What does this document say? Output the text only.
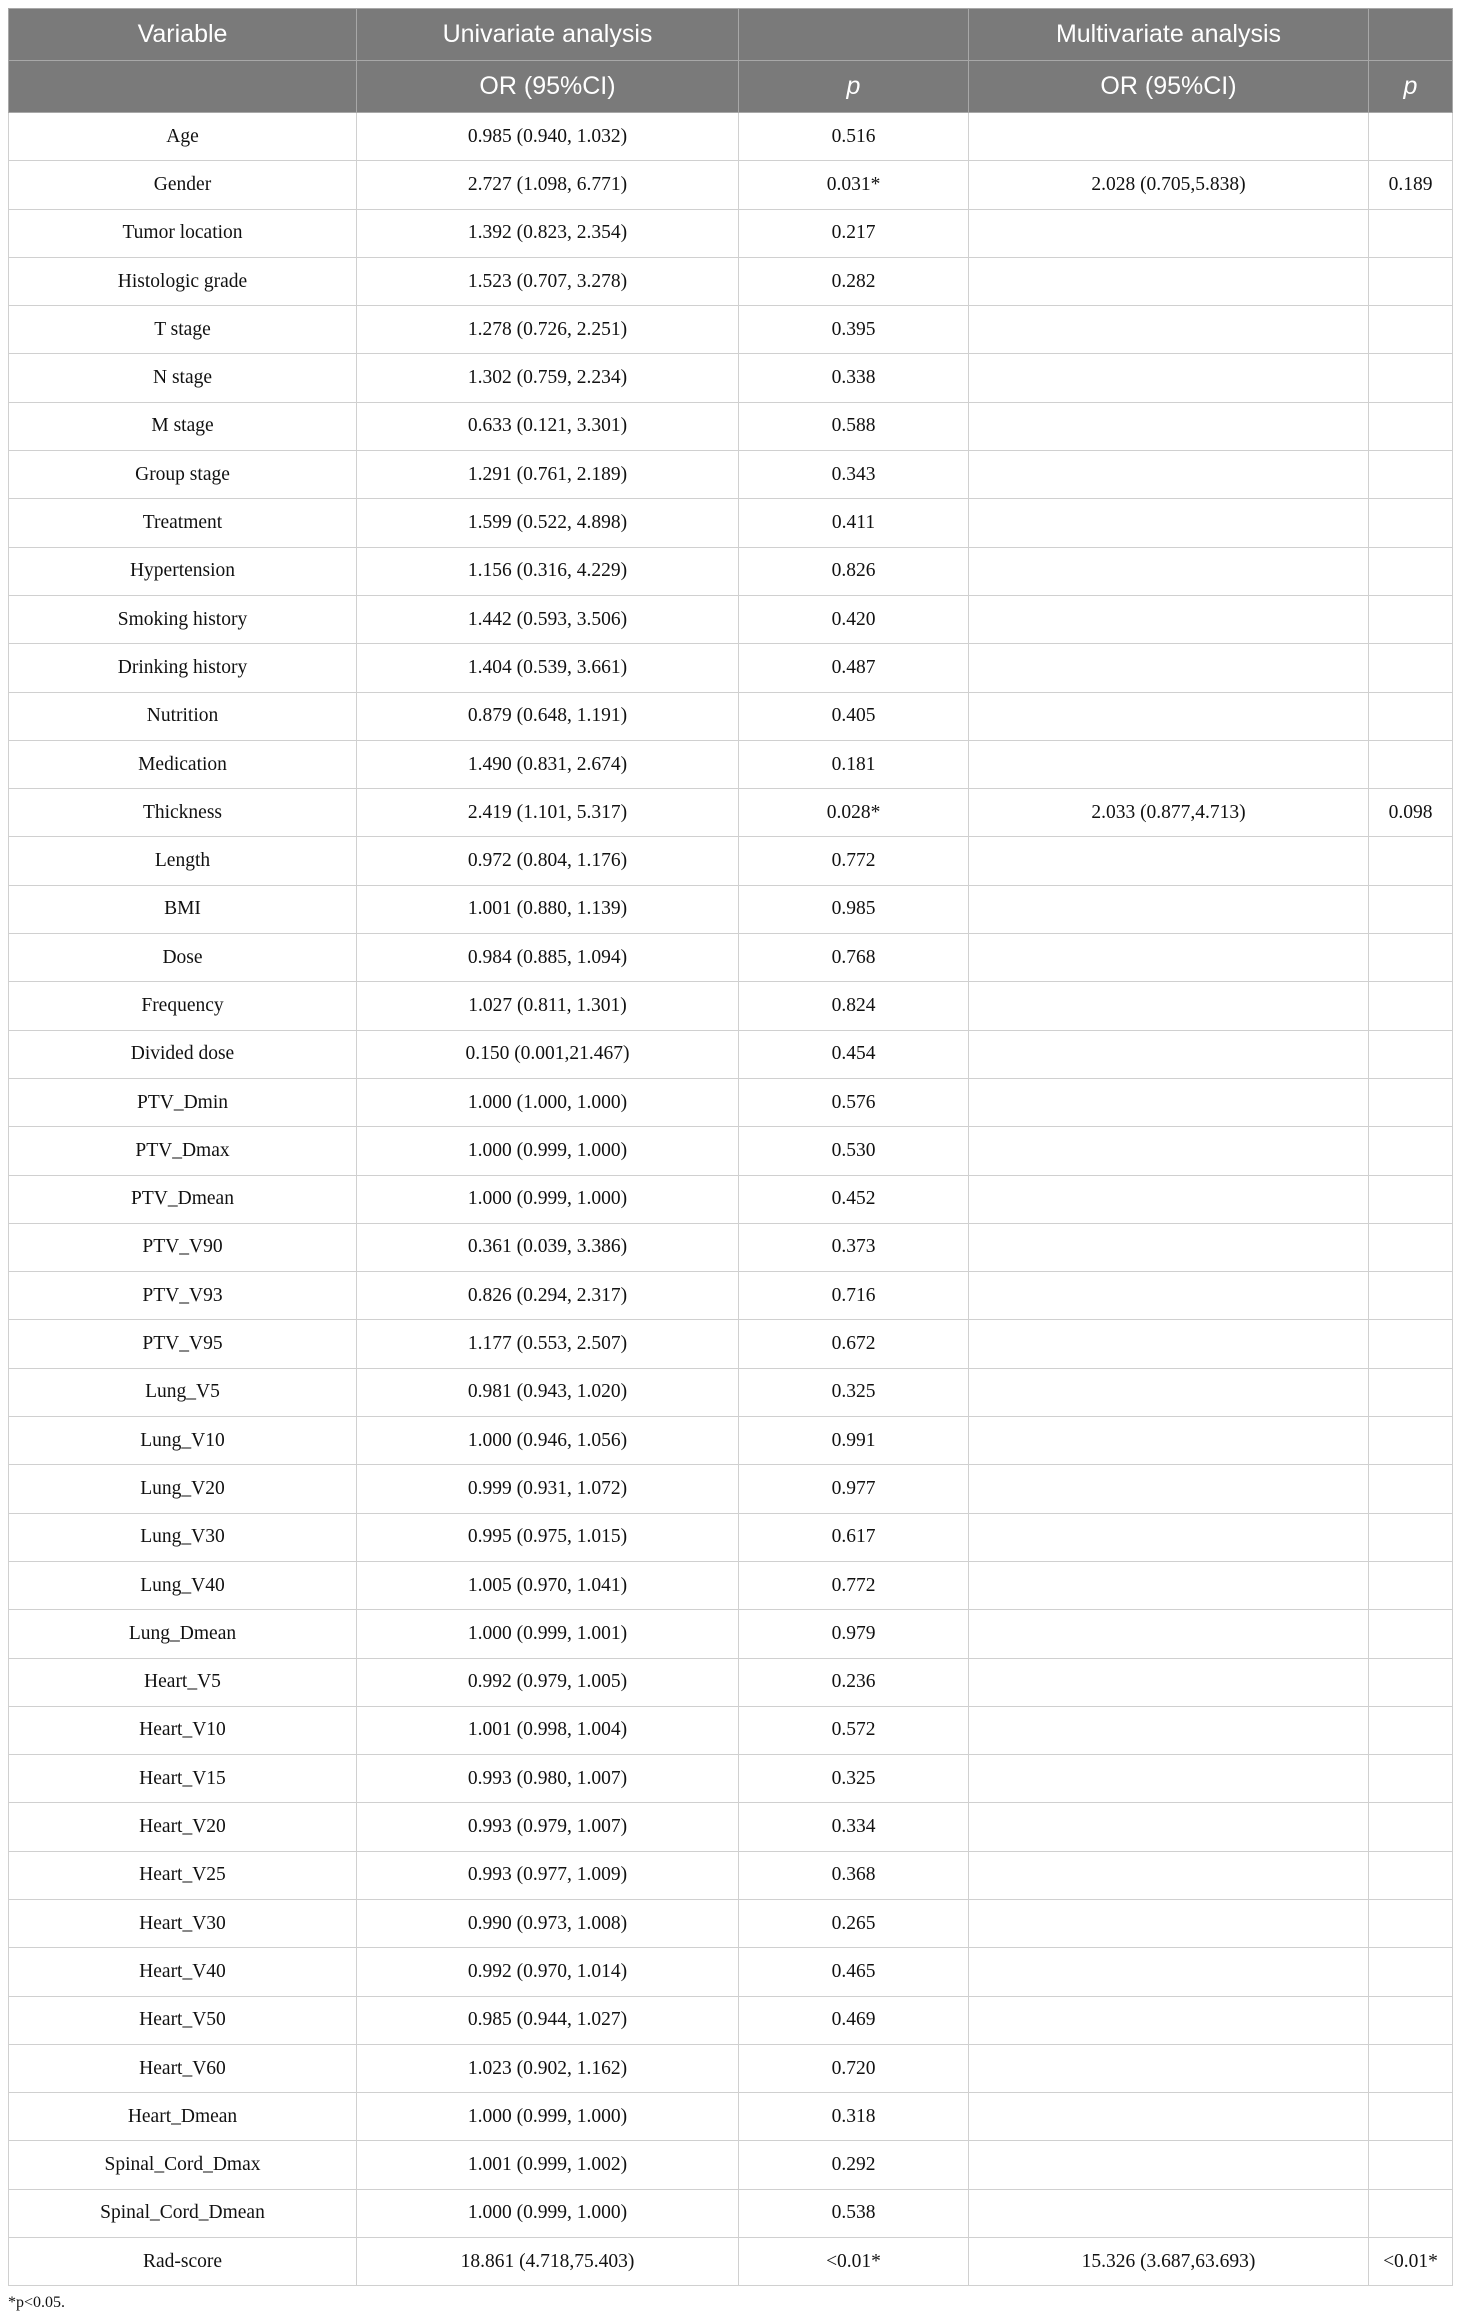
Variable	Univariate analysis		Multivariate analysis	
	OR (95%CI)	p	OR (95%CI)	p
Age	0.985 (0.940, 1.032)	0.516		
Gender	2.727 (1.098, 6.771)	0.031*	2.028 (0.705,5.838)	0.189
Tumor location	1.392 (0.823, 2.354)	0.217		
Histologic grade	1.523 (0.707, 3.278)	0.282		
T stage	1.278 (0.726, 2.251)	0.395		
N stage	1.302 (0.759, 2.234)	0.338		
M stage	0.633 (0.121, 3.301)	0.588		
Group stage	1.291 (0.761, 2.189)	0.343		
Treatment	1.599 (0.522, 4.898)	0.411		
Hypertension	1.156 (0.316, 4.229)	0.826		
Smoking history	1.442 (0.593, 3.506)	0.420		
Drinking history	1.404 (0.539, 3.661)	0.487		
Nutrition	0.879 (0.648, 1.191)	0.405		
Medication	1.490 (0.831, 2.674)	0.181		
Thickness	2.419 (1.101, 5.317)	0.028*	2.033 (0.877,4.713)	0.098
Length	0.972 (0.804, 1.176)	0.772		
BMI	1.001 (0.880, 1.139)	0.985		
Dose	0.984 (0.885, 1.094)	0.768		
Frequency	1.027 (0.811, 1.301)	0.824		
Divided dose	0.150 (0.001,21.467)	0.454		
PTV_Dmin	1.000 (1.000, 1.000)	0.576		
PTV_Dmax	1.000 (0.999, 1.000)	0.530		
PTV_Dmean	1.000 (0.999, 1.000)	0.452		
PTV_V90	0.361 (0.039, 3.386)	0.373		
PTV_V93	0.826 (0.294, 2.317)	0.716		
PTV_V95	1.177 (0.553, 2.507)	0.672		
Lung_V5	0.981 (0.943, 1.020)	0.325		
Lung_V10	1.000 (0.946, 1.056)	0.991		
Lung_V20	0.999 (0.931, 1.072)	0.977		
Lung_V30	0.995 (0.975, 1.015)	0.617		
Lung_V40	1.005 (0.970, 1.041)	0.772		
Lung_Dmean	1.000 (0.999, 1.001)	0.979		
Heart_V5	0.992 (0.979, 1.005)	0.236		
Heart_V10	1.001 (0.998, 1.004)	0.572		
Heart_V15	0.993 (0.980, 1.007)	0.325		
Heart_V20	0.993 (0.979, 1.007)	0.334		
Heart_V25	0.993 (0.977, 1.009)	0.368		
Heart_V30	0.990 (0.973, 1.008)	0.265		
Heart_V40	0.992 (0.970, 1.014)	0.465		
Heart_V50	0.985 (0.944, 1.027)	0.469		
Heart_V60	1.023 (0.902, 1.162)	0.720		
Heart_Dmean	1.000 (0.999, 1.000)	0.318		
Spinal_Cord_Dmax	1.001 (0.999, 1.002)	0.292		
Spinal_Cord_Dmean	1.000 (0.999, 1.000)	0.538		
Rad-score	18.861 (4.718,75.403)	<0.01*	15.326 (3.687,63.693)	<0.01*
*p<0.05.
